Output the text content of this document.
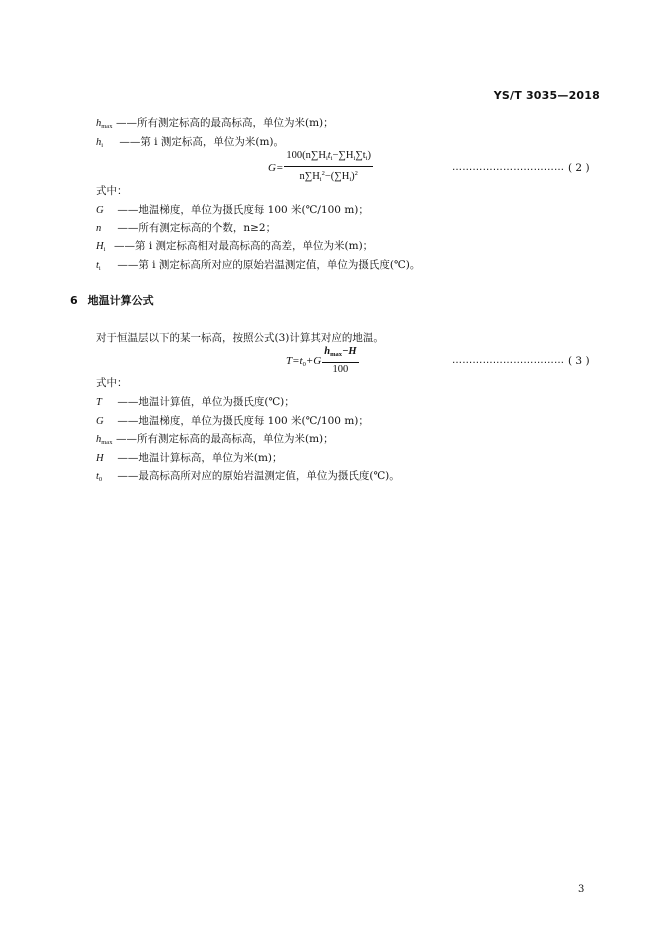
YS/T 3035—2018
$h_{max}$ ——所有测定标高的最高标高，单位为米(m)；
$h_i$ ——第 i 测定标高，单位为米(m)。
$G= \frac{100(n\sum H_it_i-\sum H_i\sum t_i)}{n\sum H_i^2-(\sum H_i)^2}$	…………………………… ( 2 )
式中：
G ——地温梯度，单位为摄氏度每 100 米(℃/100 m)；
n ——所有测定标高的个数，n≥2；
$H_i$ ——第 i 测定标高相对最高标高的高差，单位为米(m)；
$t_i$ ——第 i 测定标高所对应的原始岩温测定值，单位为摄氏度(℃)。
6 地温计算公式
对于恒温层以下的某一标高，按照公式(3)计算其对应的地温。
$T=t_0+G \frac{h_{max}-H}{100}$	…………………………… ( 3 )
式中：
T ——地温计算值，单位为摄氏度(℃)；
G ——地温梯度，单位为摄氏度每 100 米(℃/100 m)；
$h_{max}$ ——所有测定标高的最高标高，单位为米(m)；
H ——地温计算标高，单位为米(m)；
$t_0$ ——最高标高所对应的原始岩温测定值，单位为摄氏度(℃)。
3
